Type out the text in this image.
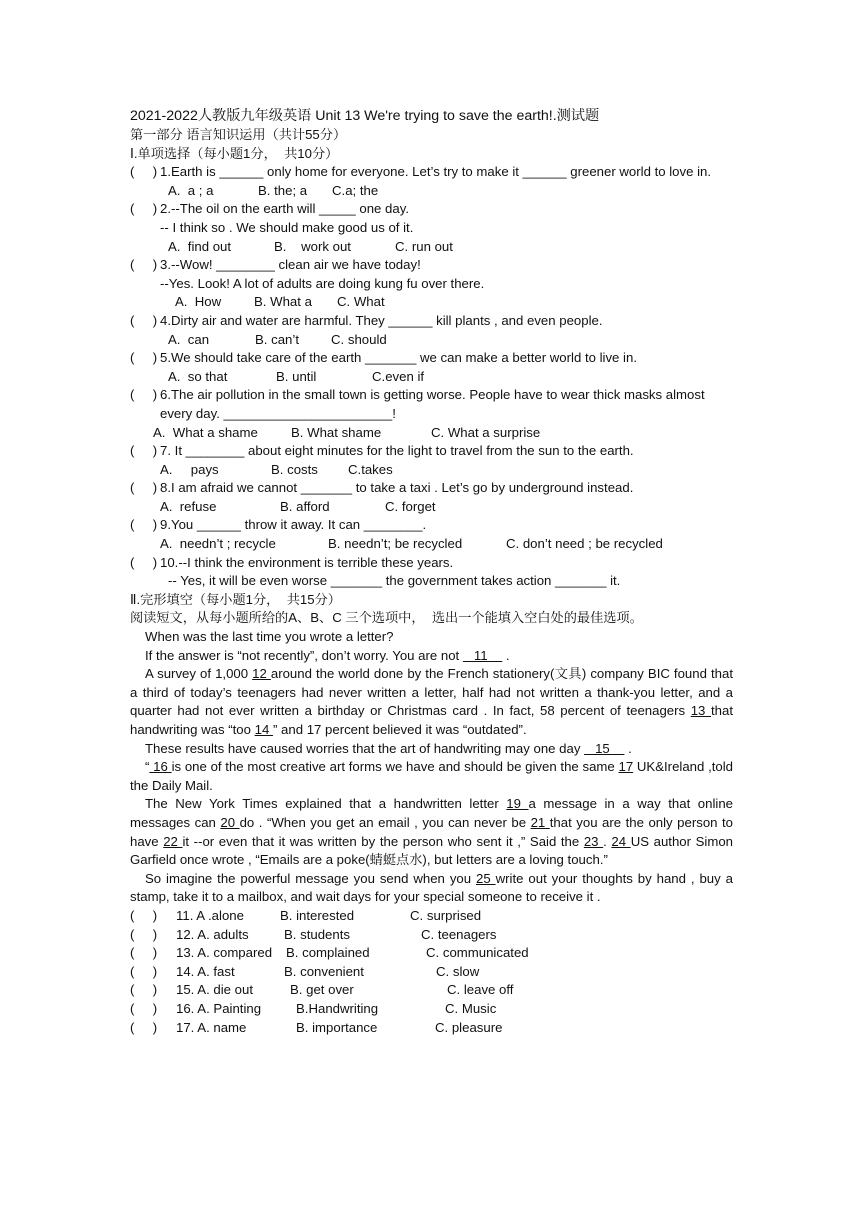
2021-2022人教版九年级英语 Unit 13 We're trying to save the earth!.测试题
第一部分 语言知识运用（共计55分）
Ⅰ.单项选择（每小题1分，  共10分）
(     ) 1.Earth is ______ only home for everyone. Let’s try to make it ______ greener world to love in.
A.  a ; a	B. the; a	C.a; the
(     ) 2.--The oil on the earth will _____ one day.
-- I think so . We should make good us of it.
A.  find out	B.    work out	C. run out
(     ) 3.--Wow! ________ clean air we have today!
--Yes. Look! A lot of adults are doing kung fu over there.
A.  How	B. What a	C. What
(     ) 4.Dirty air and water are harmful. They ______ kill plants , and even people.
A.  can	B. can’t	C. should
(     ) 5.We should take care of the earth _______ we can make a better world to live in.
A.  so that	B. until	C.even if
(     ) 6.The air pollution in the small town is getting worse. People have to wear thick masks almost every day. _______________________!
A.  What a shame	B. What shame	C. What a surprise
(     ) 7. It ________ about eight minutes for the light to travel from the sun to the earth.
A.     pays	B. costs	C.takes
(     ) 8.I am afraid we cannot _______ to take a taxi . Let’s go by underground instead.
A.  refuse	B. afford	C. forget
(     ) 9.You ______ throw it away. It can ________.
A.  needn’t ; recycle	B. needn’t; be recycled	C. don’t need ; be recycled
(     ) 10.--I think the environment is terrible these years.
-- Yes, it will be even worse _______ the government takes action _______ it.
Ⅱ.完形填空（每小题1分，  共15分）
阅读短文，从每小题所给的A、B、C 三个选项中，  选出一个能填入空白处的最佳选项。
When was the last time you wrote a letter?
If the answer is “not recently”, don’t worry. You are not    11     .
A survey of 1,000 12 around the world done by the French stationery(文具) company BIC found that a third of today’s teenagers had never written a letter, half had not written a thank-you letter, and a quarter had not ever written a birthday or Christmas card . In fact, 58 percent of teenagers 13 that handwriting was “too 14 ” and 17 percent believed it was “outdated”.
These results have caused worries that the art of handwriting may one day    15     .
“ 16 is one of the most creative art forms we have and should be given the same 17 UK&Ireland ,told the Daily Mail.
The New York Times explained that a handwritten letter 19 a message in a way that online messages can 20 do . “When you get an email , you can never be 21 that you are the only person to have 22 it --or even that it was written by the person who sent it ,” Said the 23 . 24 US author Simon Garfield once wrote , “Emails are a poke(蜻蜓点水), but letters are a loving touch.”
So imagine the powerful message you send when you 25 write out your thoughts by hand , buy a stamp, take it to a mailbox, and wait days for your special someone to receive it .
(     )	11. A .alone	B. interested	C. surprised
(     )	12. A. adults	B. students	C. teenagers
(     )	13. A. compared	B. complained	C. communicated
(     )	14. A. fast	B. convenient	C. slow
(     )	15. A. die out	B. get over	C. leave off
(     )	16. A. Painting	B.Handwriting	C. Music
(     )	17. A. name	B. importance	C. pleasure
